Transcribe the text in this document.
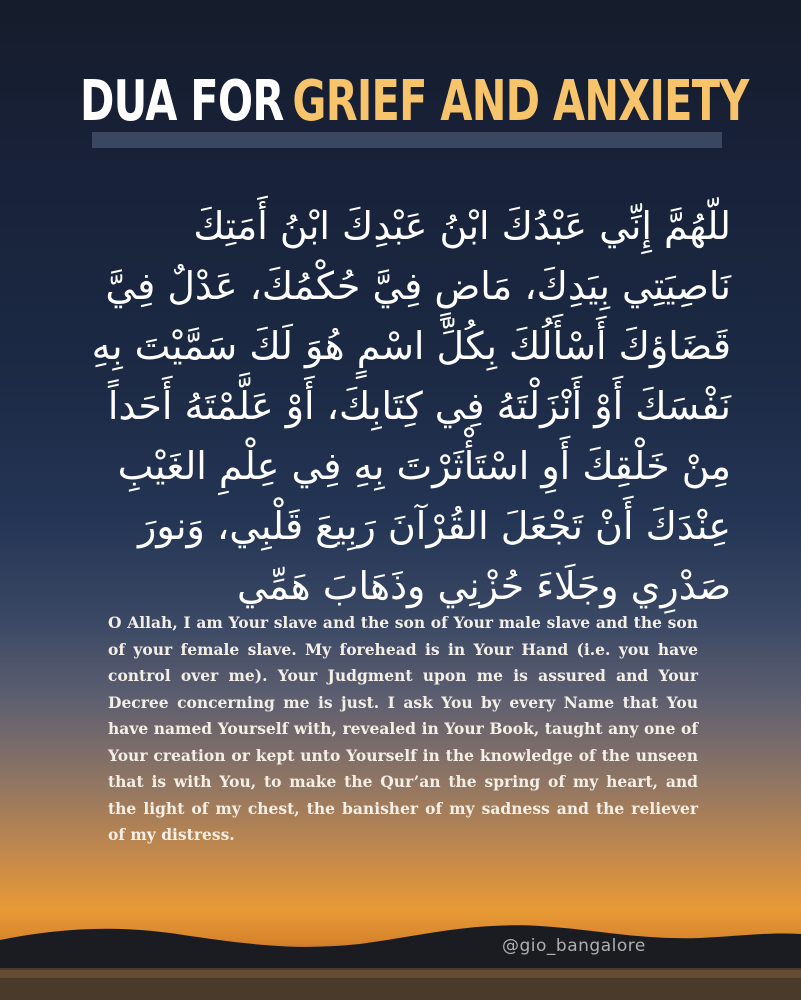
DUA FOR GRIEF AND ANXIETY
للّهُمَّ إِنِّي عَبْدُكَ ابْنُ عَبْدِكَ ابْنُ أَمَتِكَ
نَاصِيَتِي بِيَدِكَ، مَاضٍ فِيَّ حُكْمُكَ، عَدْلٌ فِيَّ
قَضَاؤكَ أَسْأَلُكَ بِكُلِّ اسْمٍ هُوَ لَكَ سَمَّيْتَ بِهِ
نَفْسَكَ أَوْ أَنْزَلْتَهُ فِي كِتَابِكَ، أَوْ عَلَّمْتَهُ أَحَداً
مِنْ خَلْقِكَ أَوِ اسْتَأْثَرْتَ بِهِ فِي عِلْمِ الغَيْبِ
عِنْدَكَ أَنْ تَجْعَلَ القُرْآنَ رَبِيعَ قَلْبِي، وَنورَ
صَدْرِي وجَلَاءَ حُزْنِي وذَهَابَ هَمِّي
O Allah, I am Your slave and the son of Your male slave and the son of your female slave. My forehead is in Your Hand (i.e. you have control over me). Your Judgment upon me is assured and Your Decree concerning me is just. I ask You by every Name that You have named Yourself with, revealed in Your Book, taught any one of Your creation or kept unto Yourself in the knowledge of the unseen that is with You, to make the Qur’an the spring of my heart, and the light of my chest, the banisher of my sadness and the reliever of my distress.
@gio_bangalore
